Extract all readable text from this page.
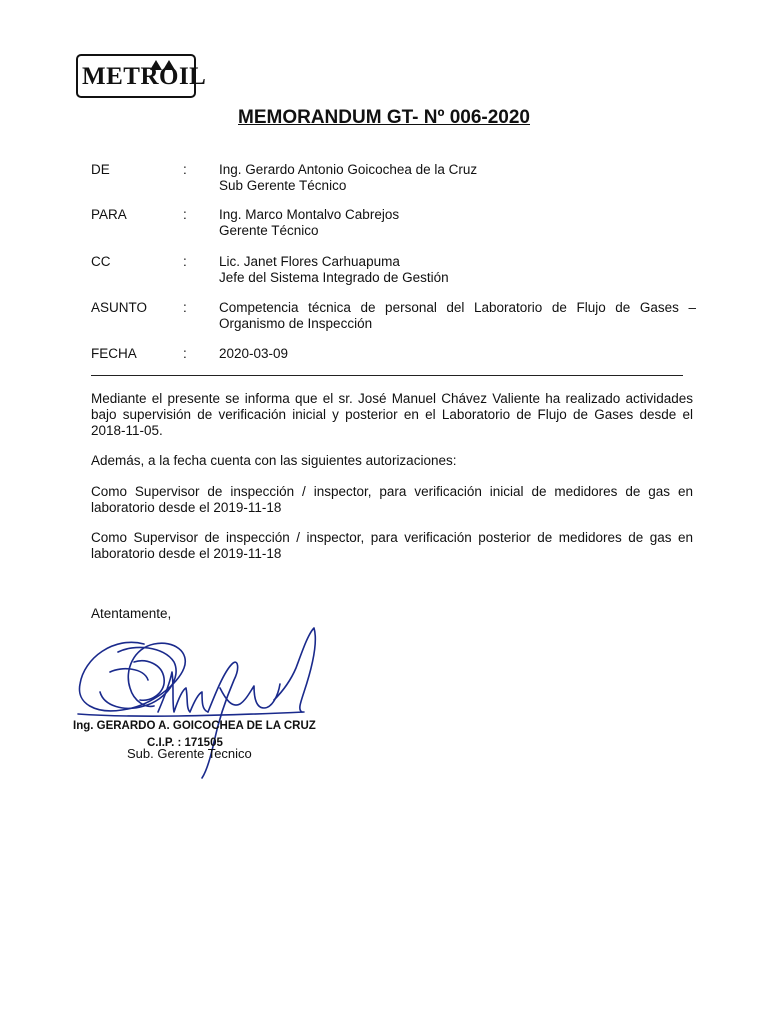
METROIL
MEMORANDUM GT- Nº 006-2020
DE	: Ing. Gerardo Antonio Goicochea de la Cruz
Sub Gerente Técnico
PARA	: Ing. Marco Montalvo Cabrejos
Gerente Técnico
CC	: Lic. Janet Flores Carhuapuma
Jefe del Sistema Integrado de Gestión
ASUNTO	: Competencia técnica de personal del Laboratorio de Flujo de Gases – Organismo de Inspección
FECHA	: 2020-03-09

Mediante el presente se informa que el sr. José Manuel Chávez Valiente ha realizado actividades bajo supervisión de verificación inicial y posterior en el Laboratorio de Flujo de Gases desde el 2018-11-05.

Además, a la fecha cuenta con las siguientes autorizaciones:

Como Supervisor de inspección / inspector, para verificación inicial de medidores de gas en laboratorio desde el 2019-11-18

Como Supervisor de inspección / inspector, para verificación posterior de medidores de gas en laboratorio desde el 2019-11-18

Atentamente,
Ing. GERARDO A. GOICOCHEA DE LA CRUZ
C.I.P. : 171505
Sub. Gerente Tecnico
